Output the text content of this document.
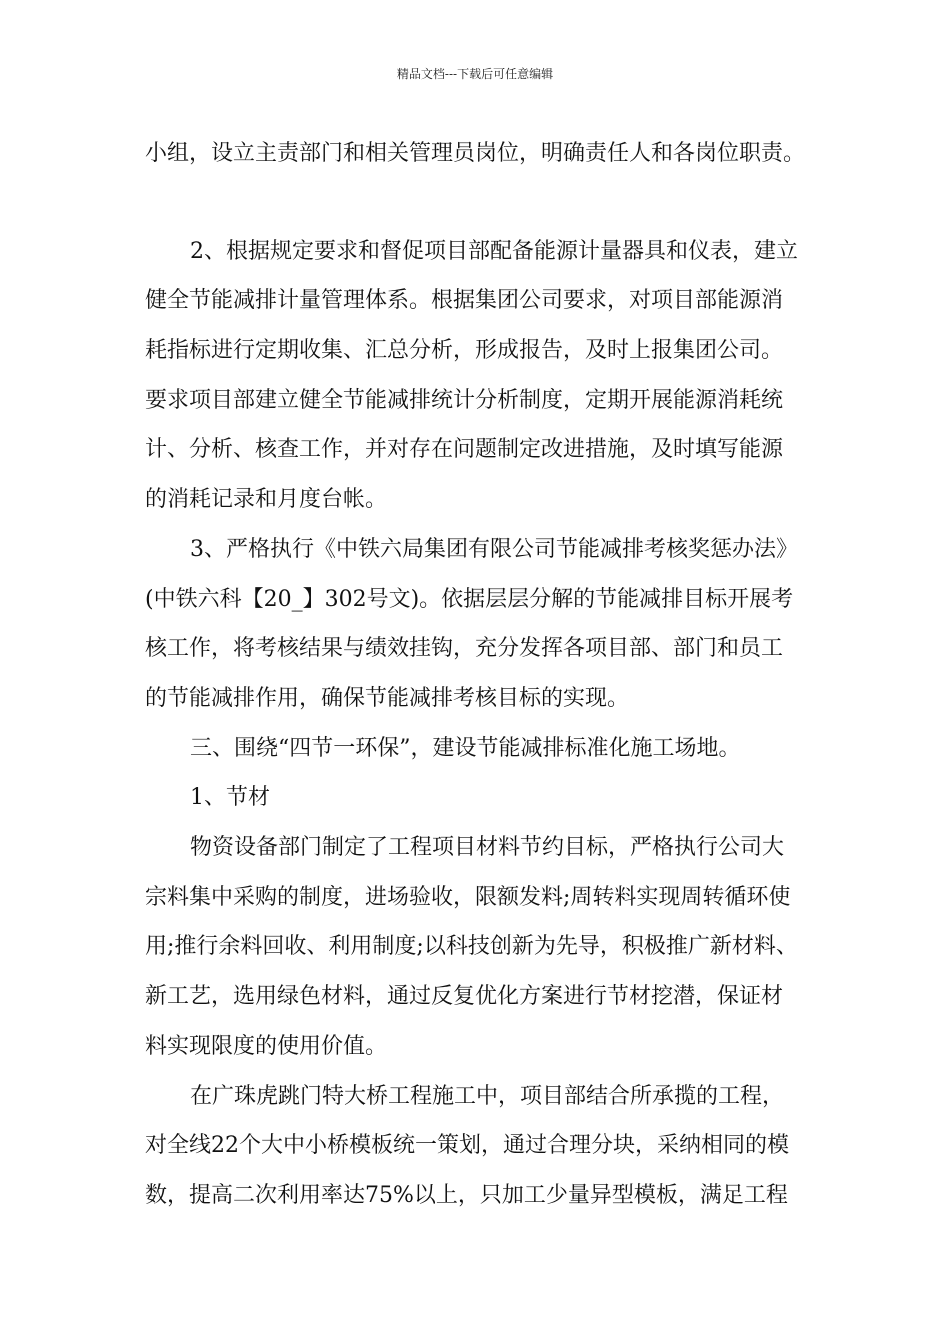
精品文档---下载后可任意编辑
小组，设立主责部门和相关管理员岗位，明确责任人和各岗位职责。
2、根据规定要求和督促项目部配备能源计量器具和仪表，建立
健全节能减排计量管理体系。根据集团公司要求，对项目部能源消
耗指标进行定期收集、汇总分析，形成报告，及时上报集团公司。
要求项目部建立健全节能减排统计分析制度，定期开展能源消耗统
计、分析、核查工作，并对存在问题制定改进措施，及时填写能源
的消耗记录和月度台帐。
3、严格执行《中铁六局集团有限公司节能减排考核奖惩办法》
(中铁六科【20_】302号文)。依据层层分解的节能减排目标开展考
核工作，将考核结果与绩效挂钩，充分发挥各项目部、部门和员工
的节能减排作用，确保节能减排考核目标的实现。
三、围绕“四节一环保”，建设节能减排标准化施工场地。
1、节材
物资设备部门制定了工程项目材料节约目标，严格执行公司大
宗料集中采购的制度，进场验收，限额发料;周转料实现周转循环使
用;推行余料回收、利用制度;以科技创新为先导，积极推广新材料、
新工艺，选用绿色材料，通过反复优化方案进行节材挖潜，保证材
料实现限度的使用价值。
在广珠虎跳门特大桥工程施工中，项目部结合所承揽的工程，
对全线22个大中小桥模板统一策划，通过合理分块，采纳相同的模
数，提高二次利用率达75%以上，只加工少量异型模板，满足工程
